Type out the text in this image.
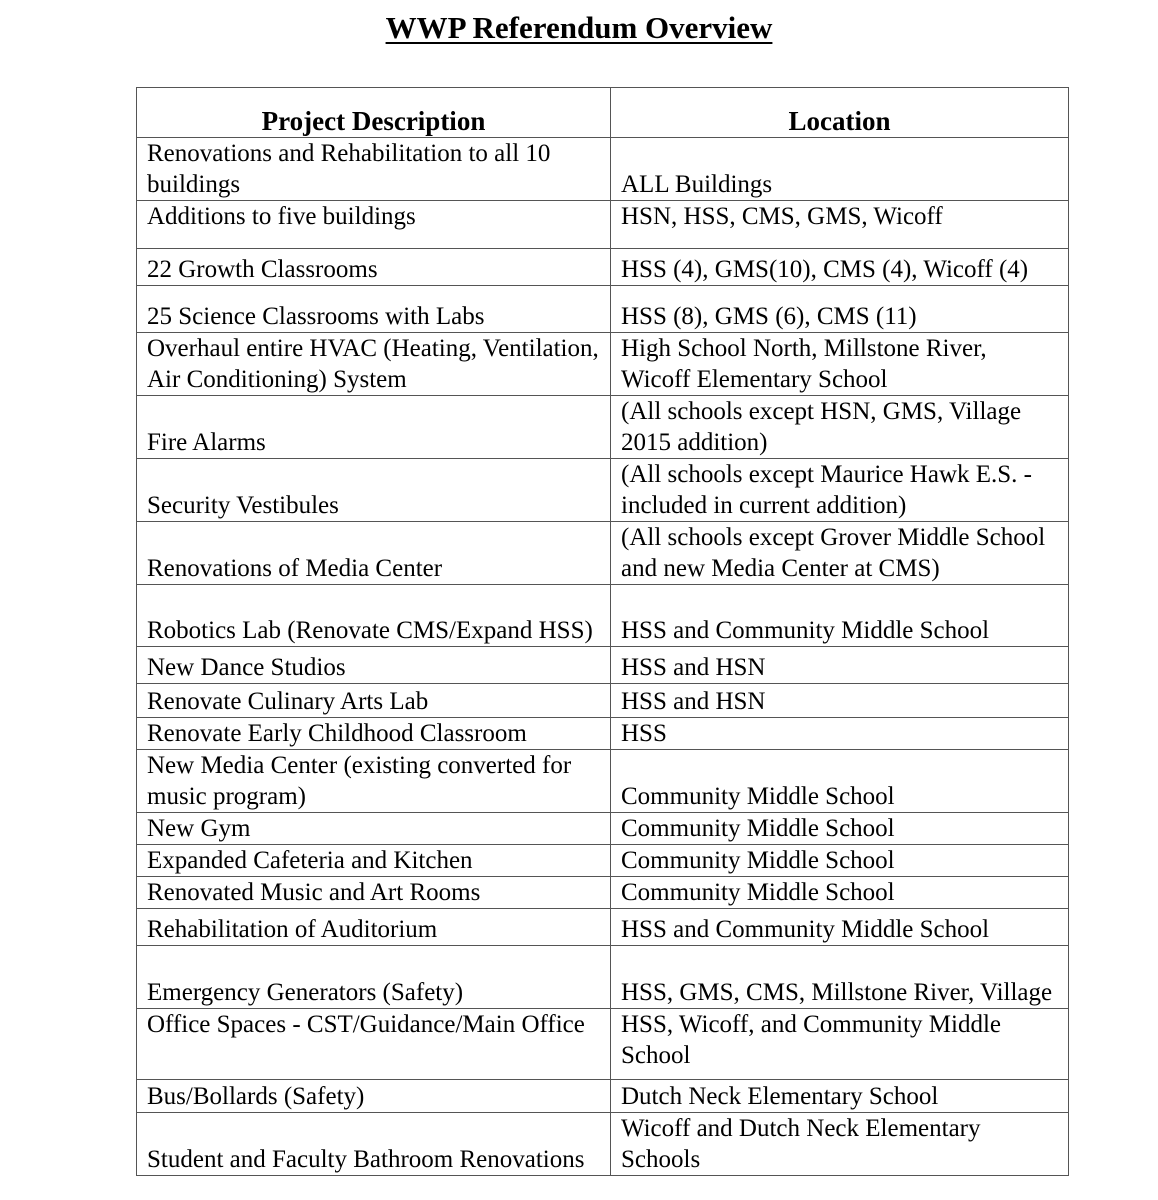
WWP Referendum Overview
Project Description	Location
Renovations and Rehabilitation to all 10 buildings	ALL Buildings
Additions to five buildings	HSN, HSS, CMS, GMS, Wicoff
22 Growth Classrooms	HSS (4), GMS(10), CMS (4), Wicoff (4)
25 Science Classrooms with Labs	HSS (8), GMS (6), CMS (11)
Overhaul entire HVAC (Heating, Ventilation, Air Conditioning) System	High School North, Millstone River, Wicoff Elementary School
Fire Alarms	(All schools except HSN, GMS, Village 2015 addition)
Security Vestibules	(All schools except Maurice Hawk E.S. - included in current addition)
Renovations of Media Center	(All schools except Grover Middle School and new Media Center at CMS)
Robotics Lab (Renovate CMS/Expand HSS)	HSS and Community Middle School
New Dance Studios	HSS and HSN
Renovate Culinary Arts Lab	HSS and HSN
Renovate Early Childhood Classroom	HSS
New Media Center (existing converted for music program)	Community Middle School
New Gym	Community Middle School
Expanded Cafeteria and Kitchen	Community Middle School
Renovated Music and Art Rooms	Community Middle School
Rehabilitation of Auditorium	HSS and Community Middle School
Emergency Generators (Safety)	HSS, GMS, CMS, Millstone River, Village
Office Spaces - CST/Guidance/Main Office	HSS, Wicoff, and Community Middle School
Bus/Bollards (Safety)	Dutch Neck Elementary School
Student and Faculty Bathroom Renovations	Wicoff and Dutch Neck Elementary Schools
